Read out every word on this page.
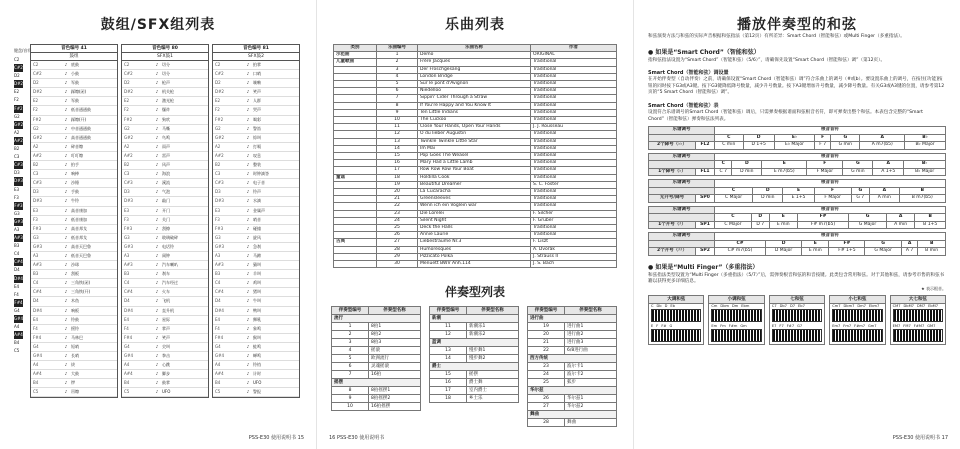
鼓组/SFX组列表
键盘/音符
C2
C#2
D2
D#2
E2
F2
F#2
G2
G#2
A2
A#2
B2
C3
C#3
D3
D#3
E3
F3
F#3
G3
G#3
A3
A#3
B3
C4
C#4
D4
D#4
E4
F4
F#4
G4
G#4
A4
A#4
B4
C5
音色编号 41
鼓组
C2	♪ 底鼓
C#2	♪ 小鼓
D2	♪ 军鼓
D#2	♪ 踩镲(闭)
E2	♪ 军鼓
F2	♪ 低音通通鼓
F#2	♪ 踩镲(开)
G2	♪ 中音通通鼓
G#2	♪ 高音通通鼓
A2	♪ 碎音镲
A#2	♪ 叮叮镲
B2	♪ 拍手
C3	♪ 响棒
C#3	♪ 沙锤
D3	♪ 手鼓
D#3	♪ 牛铃
E3	♪ 高音康加
F3	♪ 低音康加
F#3	♪ 高音邦戈
G3	♪ 低音邦戈
G#3	♪ 高音天巴鲁
A3	♪ 低音天巴鲁
A#3	♪ 沙球
B3	♪ 刮板
C4	♪ 三角铁(闭)
C#4	♪ 三角铁(开)
D4	♪ 木鱼
D#4	♪ 响板
E4	♪ 铃鼓
F4	♪ 摇铃
F#4	♪ 马林巴
G4	♪ 短哨
G#4	♪ 长哨
A4	♪ 钹
A#4	♪ 大鼓
B4	♪ 锣
C5	♪ 吊镲
音色编号 80
SFX鼓1
C2	♪ 切分
C#2	♪ 切分
D2	♪ 枪声
D#2	♪ 机关枪
E2	♪ 激光枪
F2	♪ 爆炸
F#2	♪ 狗吠
G2	♪ 马嘶
G#2	♪ 鸟鸣
A2	♪ 雨声
A#2	♪ 雷声
B2	♪ 风声
C3	♪ 海浪
C#3	♪ 溪流
D3	♪ 气泡
D#3	♪ 敲门
E3	♪ 开门
F3	♪ 关门
F#3	♪ 刮擦
G3	♪ 玻璃破碎
G#3	♪ 电话铃
A3	♪ 闹钟
A#3	♪ 汽车喇叭
B3	♪ 刹车
C4	♪ 汽车经过
C#4	♪ 火车
D4	♪ 飞机
D#4	♪ 直升机
E4	♪ 星际
F4	♪ 掌声
F#4	♪ 笑声
G4	♪ 尖叫
G#4	♪ 拳击
A4	♪ 心跳
A#4	♪ 脚步
B4	♪ 鼓掌
C5	♪ UFO
音色编号 81
SFX鼓2
C2	♪ 拍掌
C#2	♪ 口哨
D2	♪ 咳嗽
D#2	♪ 笑声
E2	♪ 人群
F2	♪ 哭声
F#2	♪ 喝彩
G2	♪ 警笛
G#2	♪ 惊叫
A2	♪ 打嗝
A#2	♪ 叹息
B2	♪ 整装
C3	♪ 时钟滴答
C#3	♪ 电子音
D3	♪ 铃声
D#3	♪ 水滴
E3	♪ 金属声
F3	♪ 哨音
F#3	♪ 碰撞
G3	♪ 旋风
G#3	♪ 急刹
A3	♪ 马蹄
A#3	♪ 猫叫
B3	♪ 羊叫
C4	♪ 鸡叫
C#4	♪ 猪叫
D4	♪ 牛叫
D#4	♪ 鸭叫
E4	♪ 狮吼
F4	♪ 象鸣
F#4	♪ 猴叫
G4	♪ 蛙鸣
G#4	♪ 蝉鸣
A4	♪ 铃铛
A#4	♪ 计时
B4	♪ UFO
C5	♪ 警报
PSS-E30 使用说明书 15
乐曲列表
类别	乐曲编号	乐曲名称	作者
示范曲	1	Demo	ORIGINAL
儿童歌曲	2	Frère Jacques	Traditional
	3	Der Froschgesang	Traditional
	4	London Bridge	Traditional
	5	Sur le pont d'Avignon	Traditional
	6	Niedelloo	Traditional
	7	Sippin' Cider Through a Straw	Traditional
	8	If You're Happy and You Know It	Traditional
	9	Ten Little Indians	Traditional
	10	The Cuckoo	Traditional
	11	Close Your Hands, Open Your Hands	J. J. Rousseau
	12	O du lieber Augustin	Traditional
	13	Twinkle Twinkle Little Star	Traditional
	14	Im Mai	Traditional
	15	Pop Goes The Weasel	Traditional
	16	Mary Had a Little Lamb	Traditional
	17	Row Row Row Your Boat	Traditional
童谣	18	Holdilla Cook	Traditional
	19	Beautiful Dreamer	S. C. Foster
	20	La Cucaracha	Traditional
	21	Greensleeves	Traditional
	22	Wenn ich ein Vöglein wär	Traditional
	23	Die Lorelei	F. Silcher
	24	Silent Night	F. Gruber
	25	Deck the Halls	Traditional
	26	Annie Laurie	Traditional
古典	27	Liebestraume Nr.3	F. Liszt
	28	Humoresques	A. Dvořák
	29	Pizzicato Polka	J. Strauss II
	30	Menuett BWV Anh.114	J. S. Bach
伴奏型列表
伴奏型编号	伴奏型名称
流行	
1	8拍1
2	8拍2
3	8拍3
4	摇滚
5	欧洲流行
6	灵魂摇滚
7	16拍
摇摆	
8	8拍摇摆1
9	8拍摇摆2
10	16拍摇摆
伴奏型编号	伴奏型名称
新潮	
11	新潮乐1
12	新潮乐2
蓝调	
13	慢步舞1
14	慢步舞2
爵士	
15	摇摆
16	爵士舞
17	室内爵士
18	乡土乐
伴奏型编号	伴奏型名称
进行曲	
19	进行曲1
20	进行曲2
21	进行曲3
22	6/8进行曲
西方传统	
23	波尔卡1
24	波尔卡2
25	狐步
华尔兹	
26	华尔兹1
27	华尔兹2
舞曲	
28	舞曲
16 PSS-E30 使用说明书
播放伴奏型的和弦
和弦演奏方法与和弦的实际声音根据和弦指法（第12页）有所差异：Smart Chord（智能和弦）或Multi Finger（多重指法）。
● 如果是“Smart Chord”（智能和弦）
指和弦指法设置为“Smart Chord”（智能和弦）（5/6）”，请确保先设置“Smart Chord（智能和弦）调”（第12页）。
Smart Chord（智能和弦）调设置
在开始伴奏型（自动伴奏）之前，请确保设置“Smart Chord（智能和弦）调”符合乐曲上的调号（#或b）。要设置乐曲上的调号，在按住[功能]按钮的同时按下G3或A3键。按下G3键降低降号数量，减少升号数量。按下A3键增加升号数量，减少降号数量。有关G3或A3键的位置，请参考第12页的“5 Smart Chord（智能和弦）调”。
Smart Chord（智能和弦）表
设置符合乐谱调号的Smart Chord（智能和弦）调后，只需弹奏根据谱面和弦根音名符，即可弹奏出整个和弦。本表包含完整的“Smart Chord”（智能和弦）弹奏和弦法列表。
乐谱调号		根音音符						
		C	D	E♭	F	G	A	B♭
2个降号（♭♭）	FL2	C min	D 1+5	E♭ Major	F 7	G min	A m7(b5)	B♭ Major
乐谱调号		根音音符						
		C	D	E	F	G	A	B♭
1个降号（♭）	FL1	C 7	D min	E m7(b5)	F Major	G min	A 1+5	B♭ Major
乐谱调号		根音音符						
		C	D	E	F	G	A	B
无升号/降号	SP0	C Major	D min	E 1+5	F Major	G 7	A min	B m7(b5)
乐谱调号		根音音符						
		C	D	E	F#	G	A	B
1个升号（♯）	SP1	C Major	D 7	E min	F# m7(b5)	G Major	A min	B 1+5
乐谱调号		根音音符						
		C#	D	E	F#	G	A	B
2个升号（♯♯）	SP2	C# m7(b5)	D Major	E min	F# 1+5	G Major	A 7	B min
● 如果是“Multi Finger”（多重指法）
和弦指法类型设置为“Multi Finger（多重指法）（5/7）”后，需弹奏根音和弦的和音按键。此类包含常用和弦。对于其他和弦，请参考市售的和弦书籍以获得更多详细信息。
★ 表示根音。
大调和弦
C Db D Eb
E F F# G
小调和弦
Cm Dbm Dm Ebm
Em Fm F#m Gm
七和弦
C7 Db7 D7 Eb7
E7 F7 F#7 G7
小七和弦
Cm7 Dbm7 Dm7 Ebm7
Em7 Fm7 F#m7 Gm7
大七和弦
CM7 DbM7 DM7 EbM7
EM7 FM7 F#M7 GM7
PSS-E30 使用说明书 17
